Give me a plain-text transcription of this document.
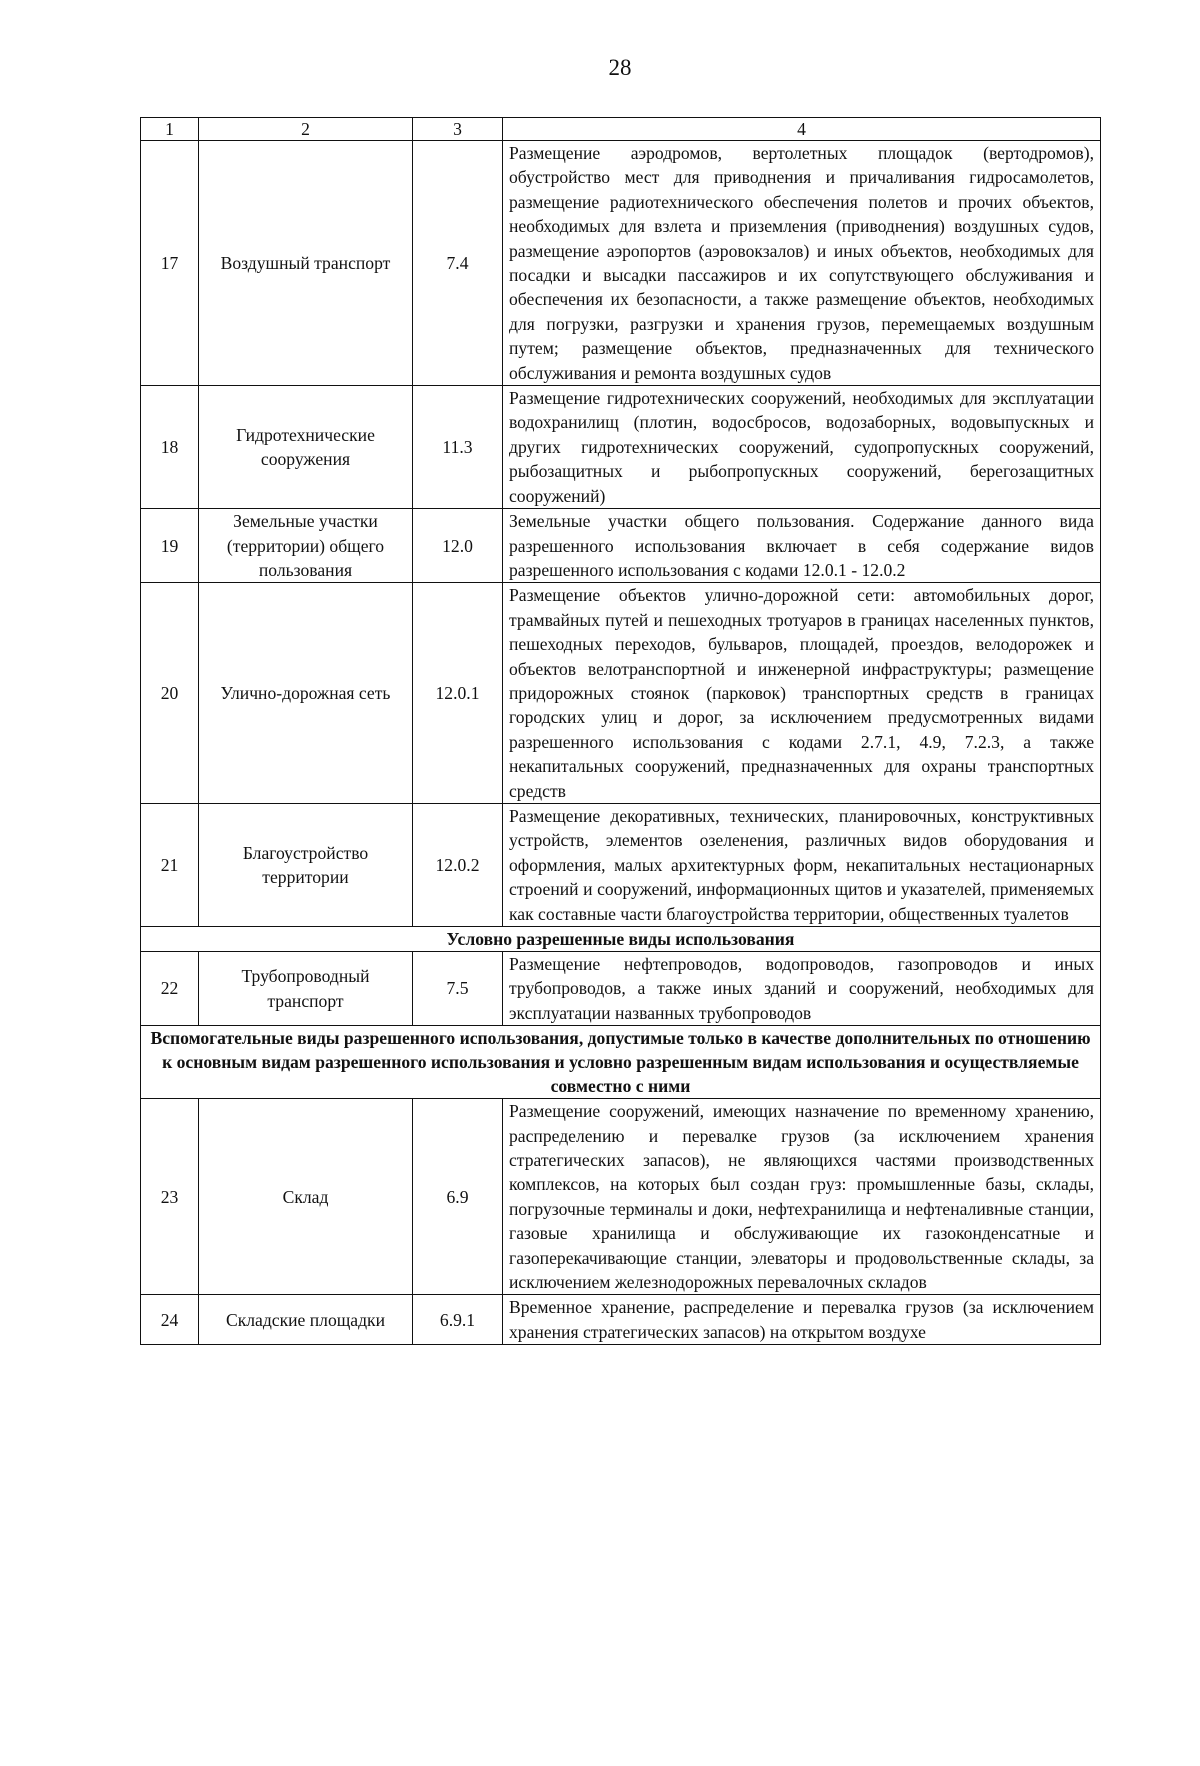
28
1	2	3	4
17	Воздушный транспорт	7.4	Размещение аэродромов, вертолетных площадок (вертодромов), обустройство мест для приводнения и причаливания гидросамолетов, размещение радиотехнического обеспечения полетов и прочих объектов, необходимых для взлета и приземления (приводнения) воздушных судов, размещение аэропортов (аэровокзалов) и иных объектов, необходимых для посадки и высадки пассажиров и их сопутствующего обслуживания и обеспечения их безопасности, а также размещение объектов, необходимых для погрузки, разгрузки и хранения грузов, перемещаемых воздушным путем; размещение объектов, предназначенных для технического обслуживания и ремонта воздушных судов
18	Гидротехнические сооружения	11.3	Размещение гидротехнических сооружений, необходимых для эксплуатации водохранилищ (плотин, водосбросов, водозаборных, водовыпускных и других гидротехнических сооружений, судопропускных сооружений, рыбозащитных и рыбопропускных сооружений, берегозащитных сооружений)
19	Земельные участки (территории) общего пользования	12.0	Земельные участки общего пользования. Содержание данного вида разрешенного использования включает в себя содержание видов разрешенного использования с кодами 12.0.1 - 12.0.2
20	Улично-дорожная сеть	12.0.1	Размещение объектов улично-дорожной сети: автомобильных дорог, трамвайных путей и пешеходных тротуаров в границах населенных пунктов, пешеходных переходов, бульваров, площадей, проездов, велодорожек и объектов велотранспортной и инженерной инфраструктуры; размещение придорожных стоянок (парковок) транспортных средств в границах городских улиц и дорог, за исключением предусмотренных видами разрешенного использования с кодами 2.7.1, 4.9, 7.2.3, а также некапитальных сооружений, предназначенных для охраны транспортных средств
21	Благоустройство территории	12.0.2	Размещение декоративных, технических, планировочных, конструктивных устройств, элементов озеленения, различных видов оборудования и оформления, малых архитектурных форм, некапитальных нестационарных строений и сооружений, информационных щитов и указателей, применяемых как составные части благоустройства территории, общественных туалетов
Условно разрешенные виды использования			
22	Трубопроводный транспорт	7.5	Размещение нефтепроводов, водопроводов, газопроводов и иных трубопроводов, а также иных зданий и сооружений, необходимых для эксплуатации названных трубопроводов
Вспомогательные виды разрешенного использования, допустимые только в качестве дополнительных по отношению к основным видам разрешенного использования и условно разрешенным видам использования и осуществляемые совместно с ними			
23	Склад	6.9	Размещение сооружений, имеющих назначение по временному хранению, распределению и перевалке грузов (за исключением хранения стратегических запасов), не являющихся частями производственных комплексов, на которых был создан груз: промышленные базы, склады, погрузочные терминалы и доки, нефтехранилища и нефтеналивные станции, газовые хранилища и обслуживающие их газоконденсатные и газоперекачивающие станции, элеваторы и продовольственные склады, за исключением железнодорожных перевалочных складов
24	Складские площадки	6.9.1	Временное хранение, распределение и перевалка грузов (за исключением хранения стратегических запасов) на открытом воздухе
